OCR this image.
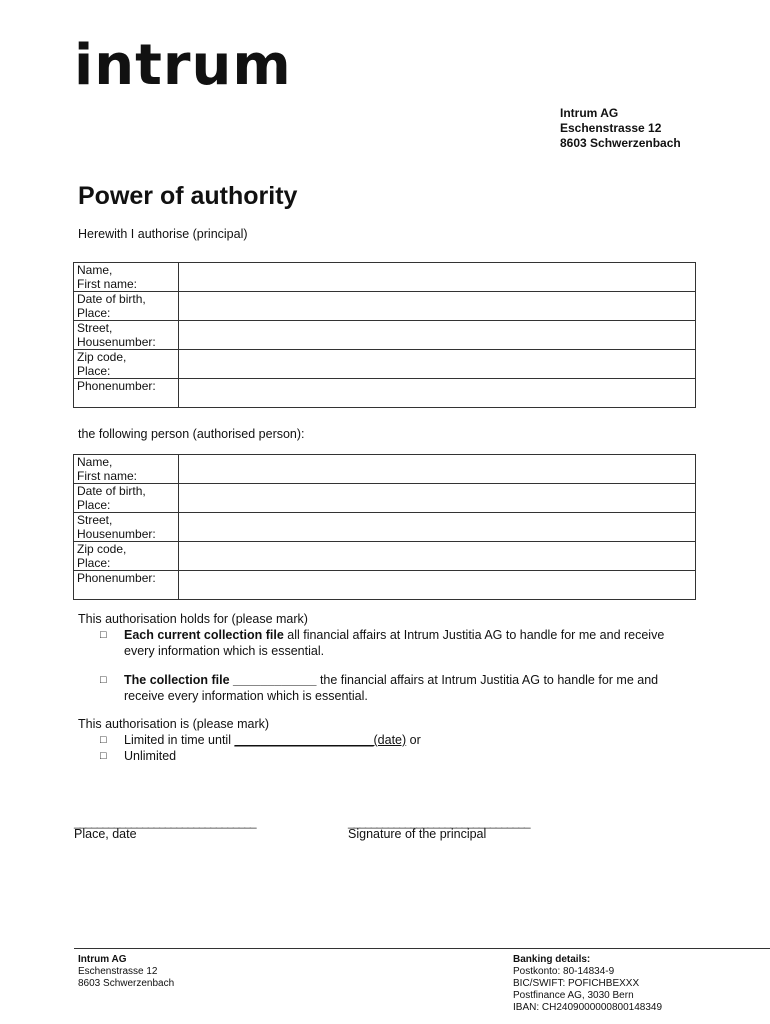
intrum
Intrum AG
Eschenstrasse 12
8603 Schwerzenbach
Power of authority
Herewith I authorise (principal)
Name,
First name:	

Date of birth,
Place:	

Street,
Housenumber:	

Zip code,
Place:	

Phonenumber:	

the following person (authorised person):
Name,
First name:	

Date of birth,
Place:	

Street,
Housenumber:	

Zip code,
Place:	

Phonenumber:	

This authorisation holds for (please mark)
□ Each current collection file all financial affairs at Intrum Justitia AG to handle for me and receive
every information which is essential.
□ The collection file ____________ the financial affairs at Intrum Justitia AG to handle for me and
receive every information which is essential.
This authorisation is (please mark)
□ Limited in time until ____________________(date) or
□ Unlimited
________________________________
Place, date
________________________________
Signature of the principal
Intrum AG
Eschenstrasse 12
8603 Schwerzenbach
Banking details:
Postkonto: 80-14834-9
BIC/SWIFT: POFICHBEXXX
Postfinance AG, 3030 Bern
IBAN: CH2409000000800148349
